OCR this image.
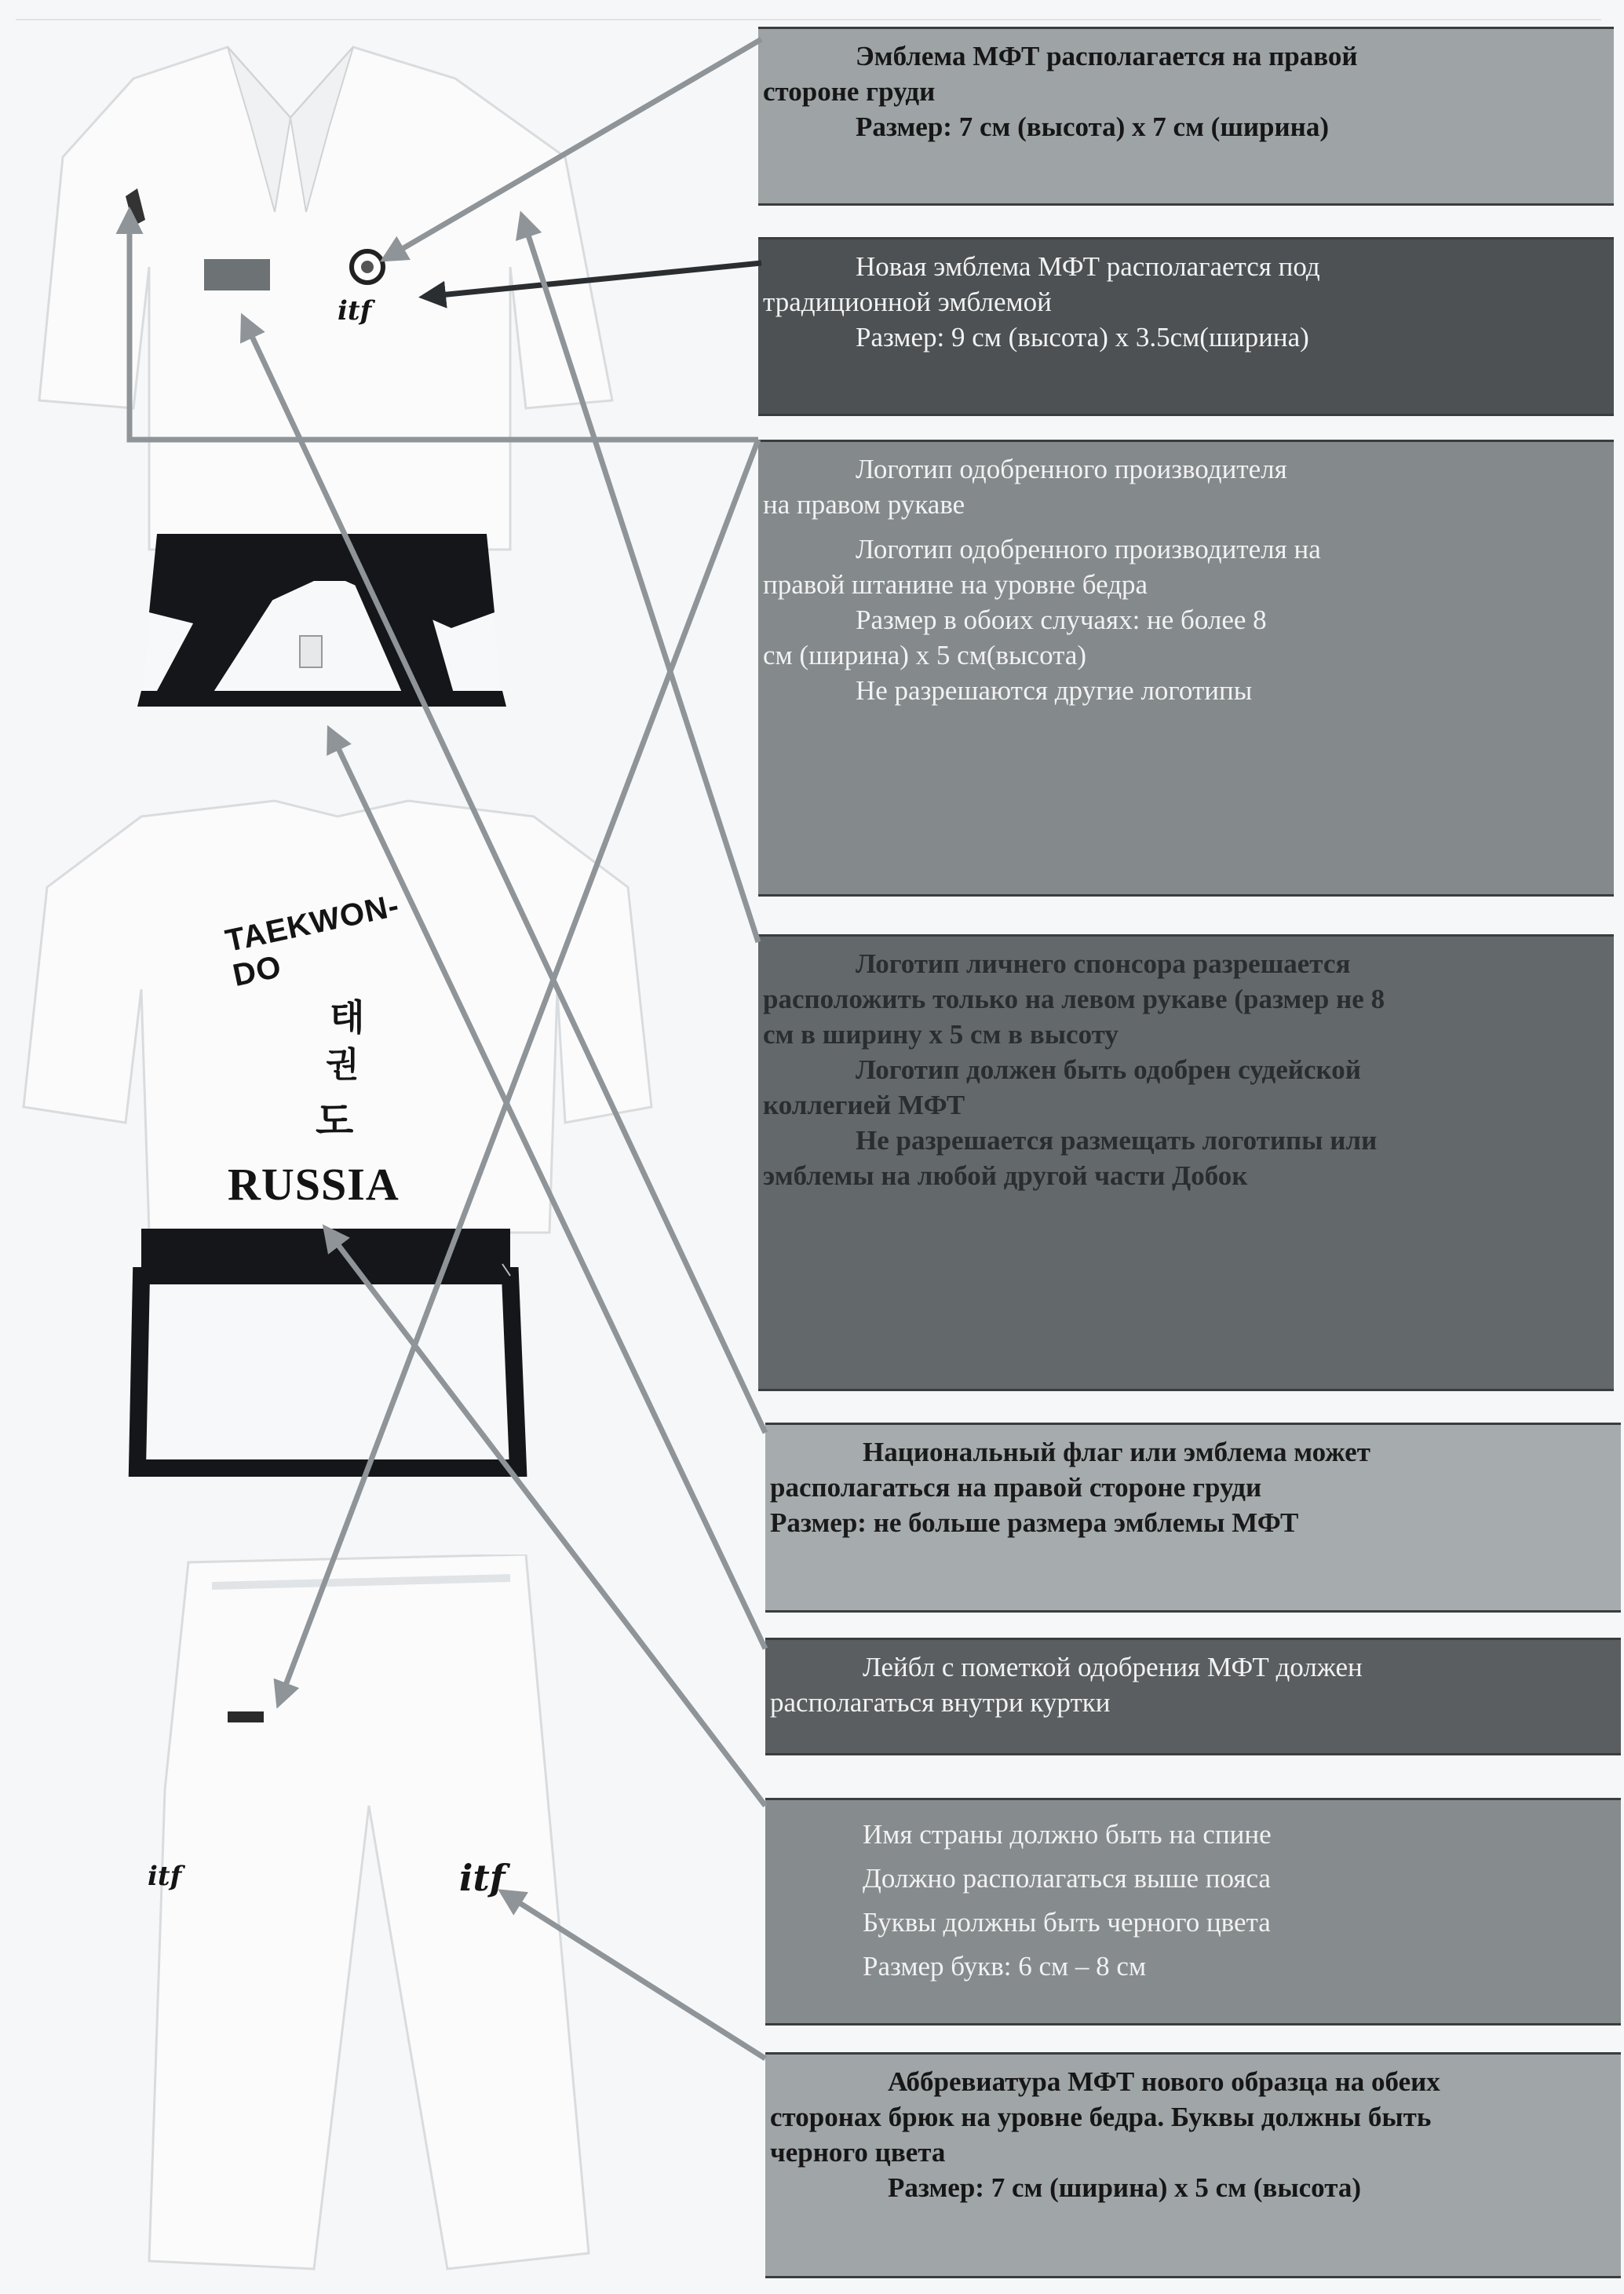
itf
TAEKWON-DO
태
권
도
RUSSIA
itf
itf

Эмблема МФТ располагается на правой

стороне груди

Размер: 7 см (высота) х 7 см (ширина)

Новая эмблема МФТ располагается под

традиционной эмблемой

Размер: 9 см (высота) х 3.5см(ширина)

Логотип одобренного производителя

на правом рукаве

Логотип одобренного производителя на

правой штанине на уровне бедра

Размер в обоих случаях: не более 8

см (ширина) х 5 см(высота)

Не разрешаются другие логотипы

Логотип личнего спонсора разрешается

расположить только на левом рукаве (размер не 8

см в ширину х 5 см в высоту

Логотип должен быть одобрен судейской

коллегией МФТ

Не разрешается размещать логотипы или

эмблемы на любой другой части Добок

Национальный флаг или эмблема может

располагаться на правой стороне груди

Размер: не больше размера эмблемы МФТ

Лейбл с пометкой одобрения МФТ должен

располагаться внутри куртки

Имя страны должно быть на спине

Должно располагаться выше пояса

Буквы должны быть черного цвета

Размер букв: 6 см – 8 см

Аббревиатура МФТ нового образца на обеих

сторонах брюк на уровне бедра. Буквы должны быть

черного цвета

Размер: 7 см (ширина) х 5 см (высота)
